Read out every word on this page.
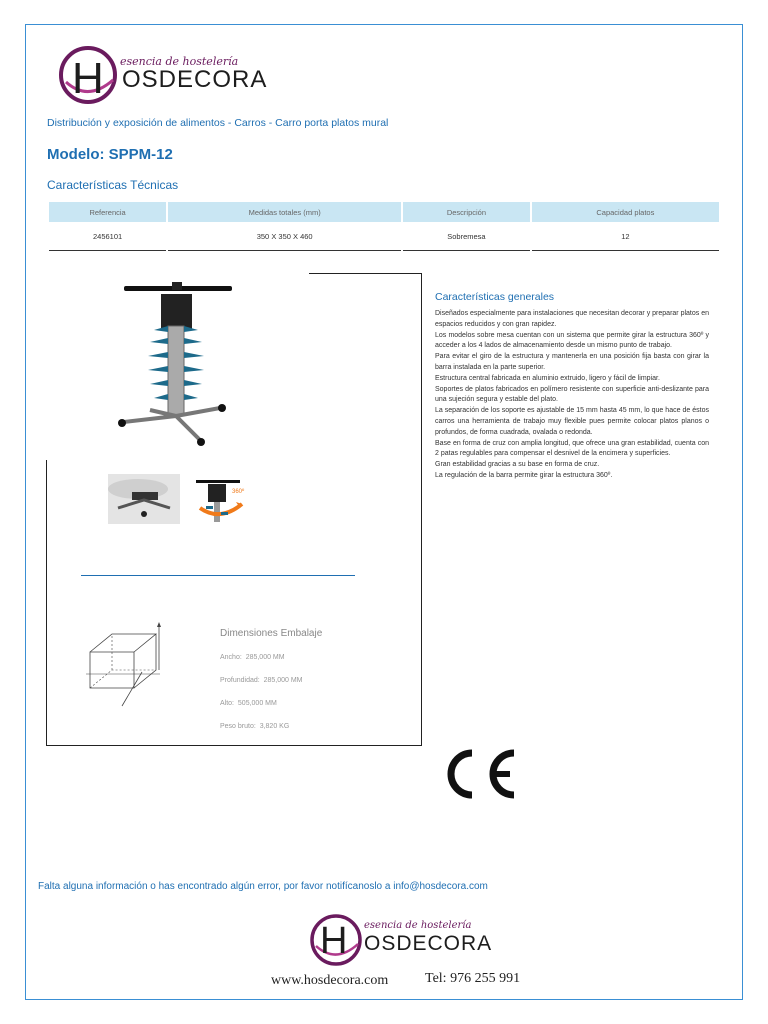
esencia de hostelería
H OSDECORA
Distribución y exposición de alimentos - Carros - Carro porta platos mural
Modelo: SPPM-12
Características Técnicas
Referencia	Medidas totales (mm)	Descripción	Capacidad platos
2456101	350 X 350 X 460	Sobremesa	12
360º
Dimensiones Embalaje
Ancho: 285,000 MM
Profundidad: 285,000 MM
Alto: 505,000 MM
Peso bruto: 3,820 KG
Características generales
Diseñados especialmente para instalaciones que necesitan decorar y preparar platos en espacios reducidos y con gran rapidez.
Los modelos sobre mesa cuentan con un sistema que permite girar la estructura 360º y acceder a los 4 lados de almacenamiento desde un mismo punto de trabajo.
Para evitar el giro de la estructura y mantenerla en una posición fija basta con girar la barra instalada en la parte superior.
Estructura central fabricada en aluminio extruido, ligero y fácil de limpiar.
Soportes de platos fabricados en polímero resistente con superficie anti-deslizante para una sujeción segura y estable del plato.
La separación de los soporte es ajustable de 15 mm hasta 45 mm, lo que hace de éstos carros una herramienta de trabajo muy flexible pues permite colocar platos planos o profundos, de forma cuadrada, ovalada o redonda.
Base en forma de cruz con amplia longitud, que ofrece una gran estabilidad, cuenta con 2 patas regulables para compensar el desnivel de la encimera y superficies.
Gran estabilidad gracias a su base en forma de cruz.
La regulación de la barra permite girar la estructura 360º.
Falta alguna información o has encontrado algún error, por favor notifícanoslo a info@hosdecora.com
esencia de hostelería
H OSDECORA
www.hosdecora.com	Tel: 976 255 991
